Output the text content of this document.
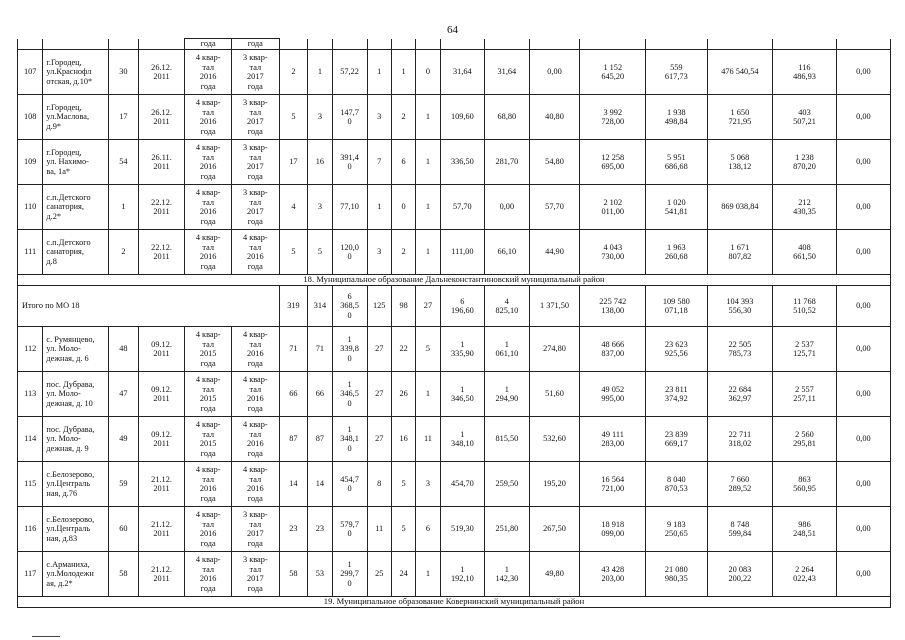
64
				года	года														
107	г.Городец,
ул.Краснофл
отская, д.10*	30	26.12.
2011	4 квар-
тал
2016
года	3 квар-
тал
2017
года	2	1	57,22	1	1	0	31,64	31,64	0,00	1 152
645,20	559
617,73	476 540,54	116
486,93	0,00
108	г.Городец,
ул.Маслова,
д.9*	17	26.12.
2011	4 квар-
тал
2016
года	3 квар-
тал
2017
года	5	3	147,7
0	3	2	1	109,60	68,80	40,80	3 992
728,00	1 938
498,84	1 650
721,95	403
507,21	0,00
109	г.Городец,
ул. Нахимо-
ва, 1а*	54	26.11.
2011	4 квар-
тал
2016
года	3 квар-
тал
2017
года	17	16	391,4
0	7	6	1	336,50	281,70	54,80	12 258
695,00	5 951
686,68	5 068
138,12	1 238
870,20	0,00
110	с.п.Детского
санатория,
д.2*	1	22.12.
2011	4 квар-
тал
2016
года	3 квар-
тал
2017
года	4	3	77,10	1	0	1	57,70	0,00	57,70	2 102
011,00	1 020
541,81	869 038,84	212
430,35	0,00
111	с.п.Детского
санатория,
д.8	2	22.12.
2011	4 квар-
тал
2016
года	4 квар-
тал
2016
года	5	5	120,0
0	3	2	1	111,00	66,10	44,90	4 043
730,00	1 963
260,68	1 671
807,82	408
661,50	0,00
18. Муниципальное образование Дальнеконстантиновский муниципальный район																			
Итого по МО 18						319	314	6
368,5
0	125	98	27	6
196,60	4
825,10	1 371,50	225 742
138,00	109 580
071,18	104 393
556,30	11 768
510,52	0,00
112	с. Румянцево,
ул. Моло-
дежная, д. 6	48	09.12.
2011	4 квар-
тал
2015
года	4 квар-
тал
2016
года	71	71	1
339,8
0	27	22	5	1
335,90	1
061,10	274,80	48 666
837,00	23 623
925,56	22 505
785,73	2 537
125,71	0,00
113	пос. Дубрава,
ул. Моло-
дежная, д. 10	47	09.12.
2011	4 квар-
тал
2015
года	4 квар-
тал
2016
года	66	66	1
346,5
0	27	26	1	1
346,50	1
294,90	51,60	49 052
995,00	23 811
374,92	22 684
362,97	2 557
257,11	0,00
114	пос. Дубрава,
ул. Моло-
дежная, д. 9	49	09.12.
2011	4 квар-
тал
2015
года	4 квар-
тал
2016
года	87	87	1
348,1
0	27	16	11	1
348,10	815,50	532,60	49 111
283,00	23 839
669,17	22 711
318,02	2 560
295,81	0,00
115	с.Белозерово,
ул.Централь
ная, д.76	59	21.12.
2011	4 квар-
тал
2016
года	4 квар-
тал
2016
года	14	14	454,7
0	8	5	3	454,70	259,50	195,20	16 564
721,00	8 040
870,53	7 660
289,52	863
560,95	0,00
116	с.Белозерово,
ул.Централь
ная, д.83	60	21.12.
2011	4 квар-
тал
2016
года	3 квар-
тал
2017
года	23	23	579,7
0	11	5	6	519,30	251,80	267,50	18 918
099,00	9 183
250,65	8 748
599,84	986
248,51	0,00
117	с.Арманиха,
ул.Молодежн
ая, д.2*	58	21.12.
2011	4 квар-
тал
2016
года	3 квар-
тал
2017
года	58	53	1
299,7
0	25	24	1	1
192,10	1
142,30	49,80	43 428
203,00	21 080
980,35	20 083
200,22	2 264
022,43	0,00
19. Муниципальное образование Ковернинский муниципальный район																			
